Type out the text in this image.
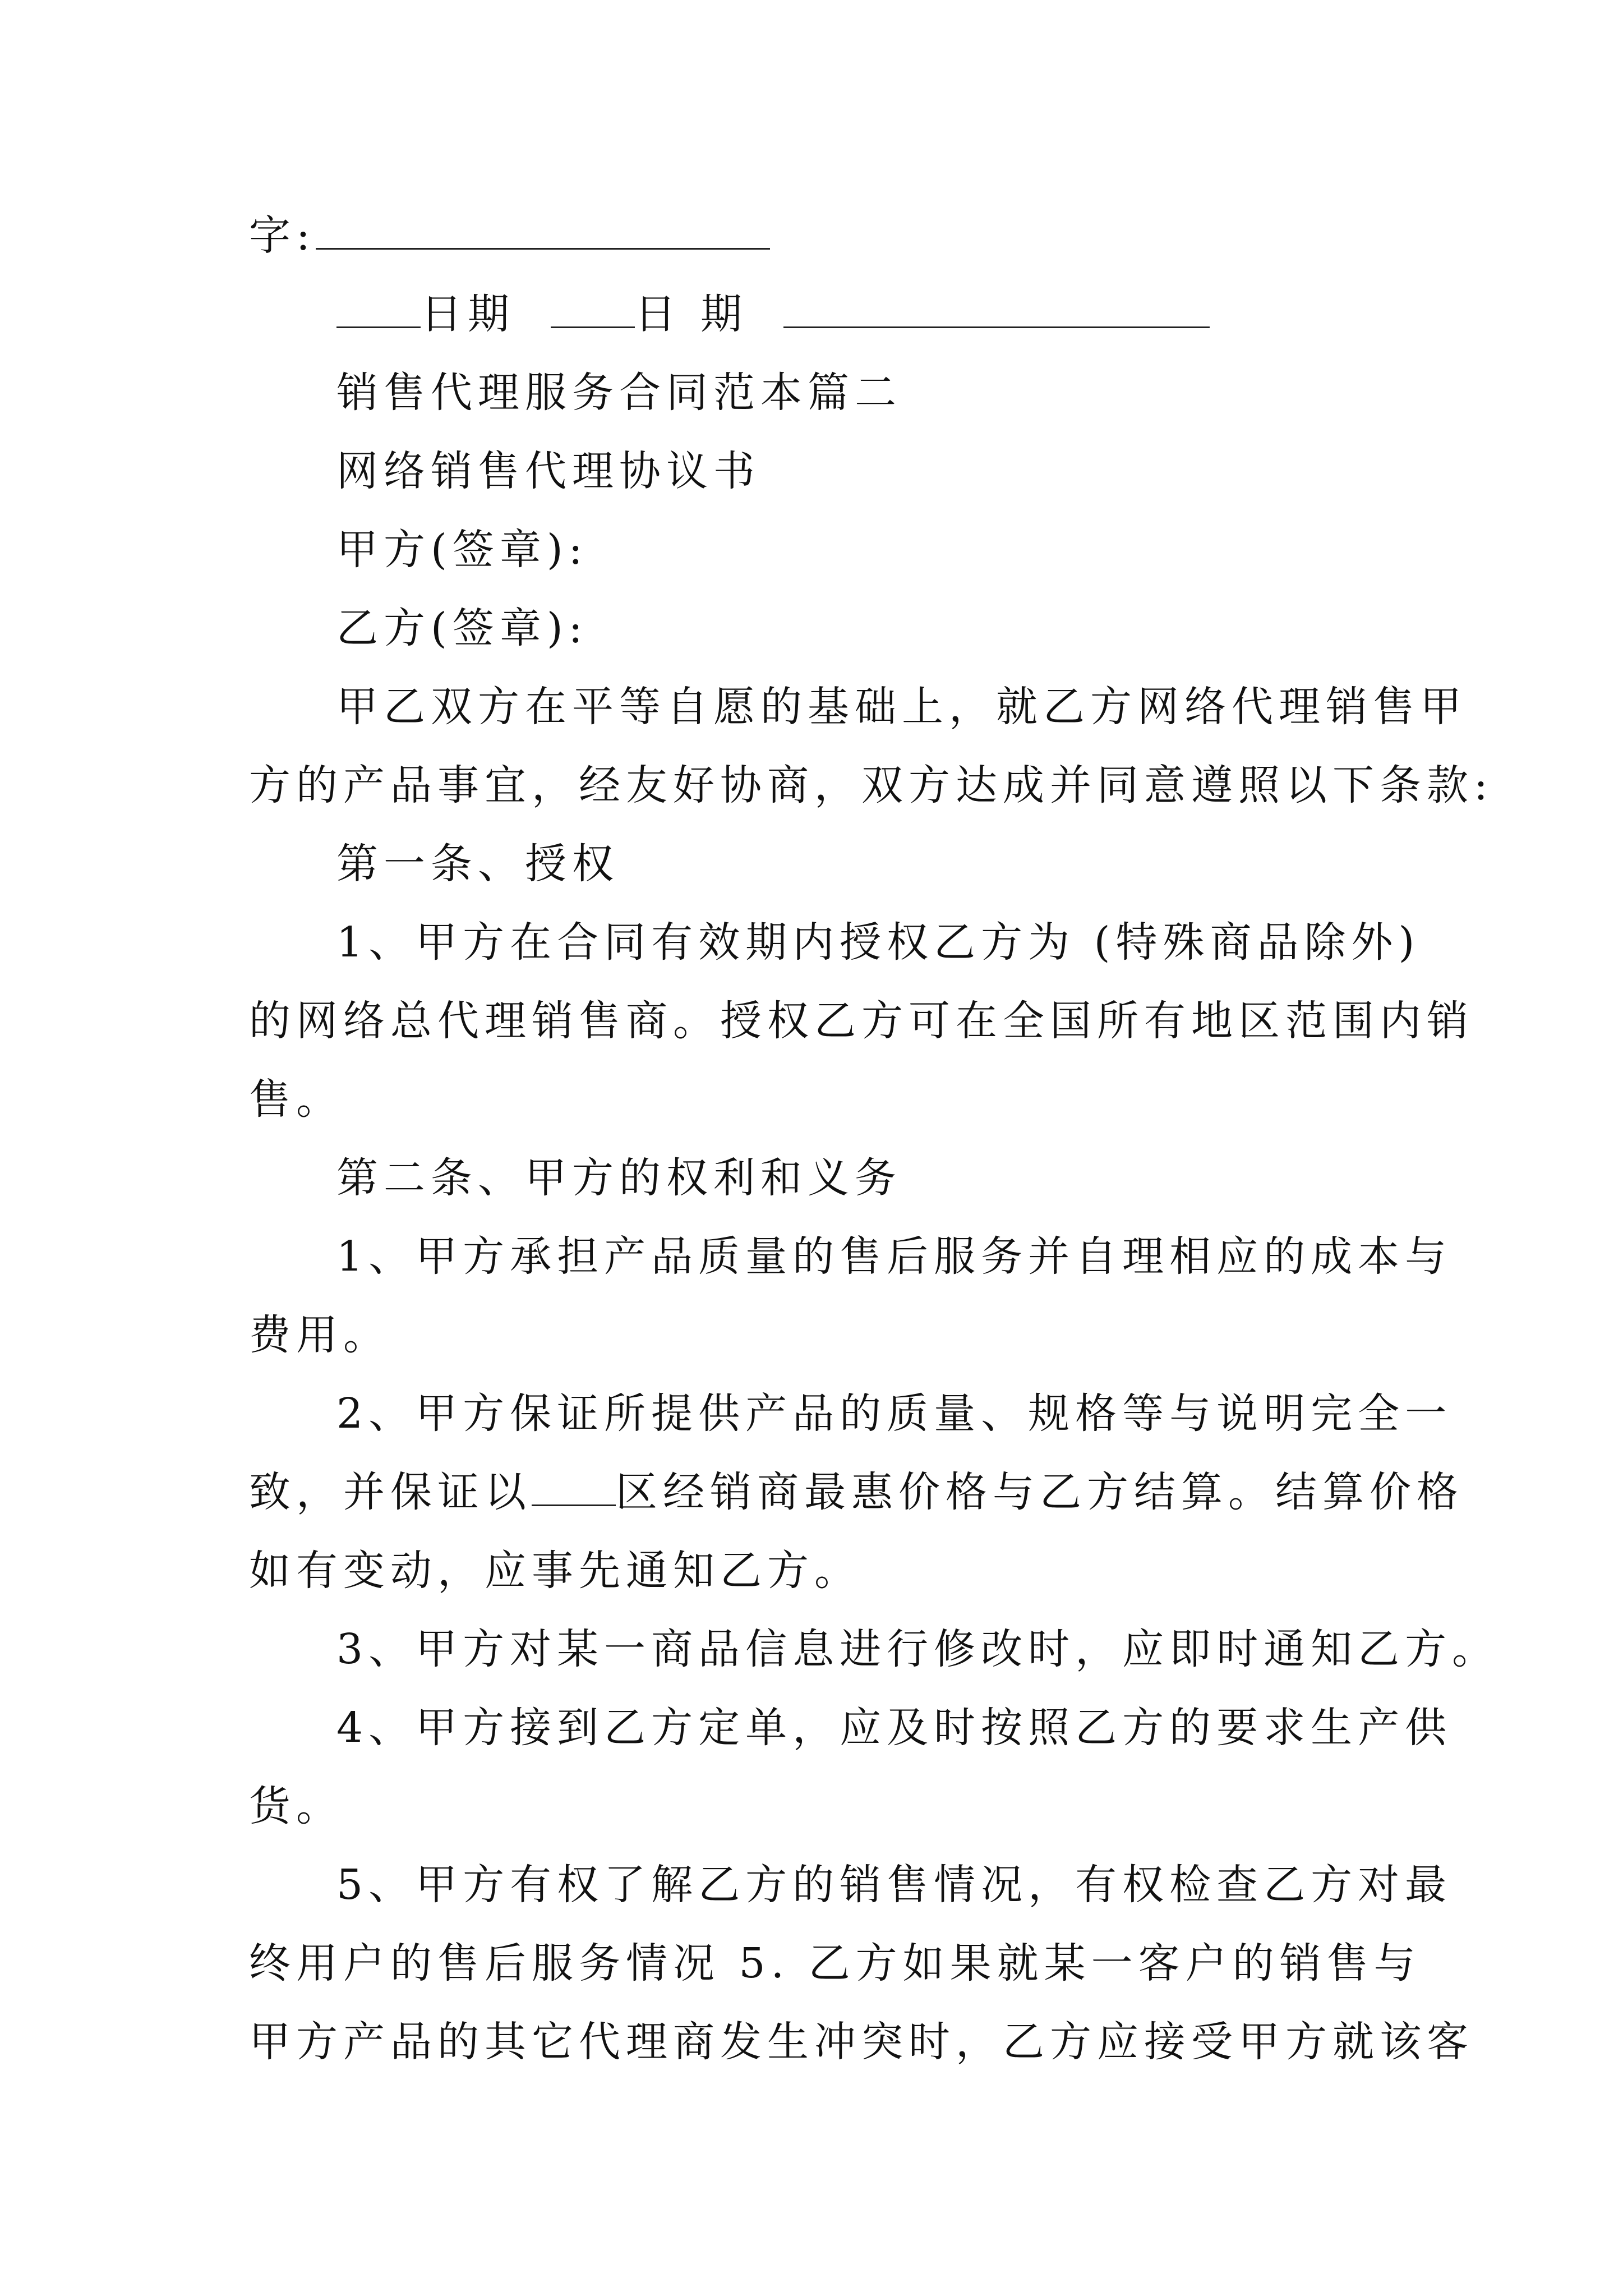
字:
日期	日 期
销售代理服务合同范本篇二
网络销售代理协议书
甲方(签章):
乙方(签章):
甲乙双方在平等自愿的基础上，就乙方网络代理销售甲
方的产品事宜，经友好协商，双方达成并同意遵照以下条款:
第一条、授权
1、甲方在合同有效期内授权乙方为 (特殊商品除外)
的网络总代理销售商。授权乙方可在全国所有地区范围内销
售。
第二条、甲方的权利和义务
1、甲方承担产品质量的售后服务并自理相应的成本与
费用。
2、甲方保证所提供产品的质量、规格等与说明完全一
致，并保证以 区经销商最惠价格与乙方结算。结算价格
如有变动，应事先通知乙方。
3、甲方对某一商品信息进行修改时，应即时通知乙方。
4、甲方接到乙方定单，应及时按照乙方的要求生产供
货。
5、甲方有权了解乙方的销售情况，有权检查乙方对最
终用户的售后服务情况 5. 乙方如果就某一客户的销售与
甲方产品的其它代理商发生冲突时，乙方应接受甲方就该客
